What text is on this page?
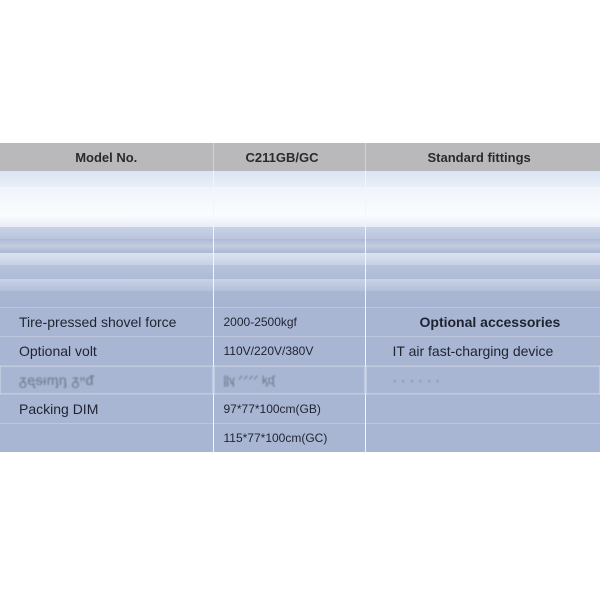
Model No.	C211GB/GC	Standard fittings

Tire-pressed shovel force	2000-2500kgf	Optional accessories
Optional volt	110V/220V/380V	IT air fast-charging device
ᵹᶒᵴᵼᶆᶇ ᵹᵸᵭ	ᶅᶅᶌ ᐟᐟᐟᐟ ᶄᶑ	· · · · · ·
Packing DIM	97*77*100cm(GB)	
	115*77*100cm(GC)	
